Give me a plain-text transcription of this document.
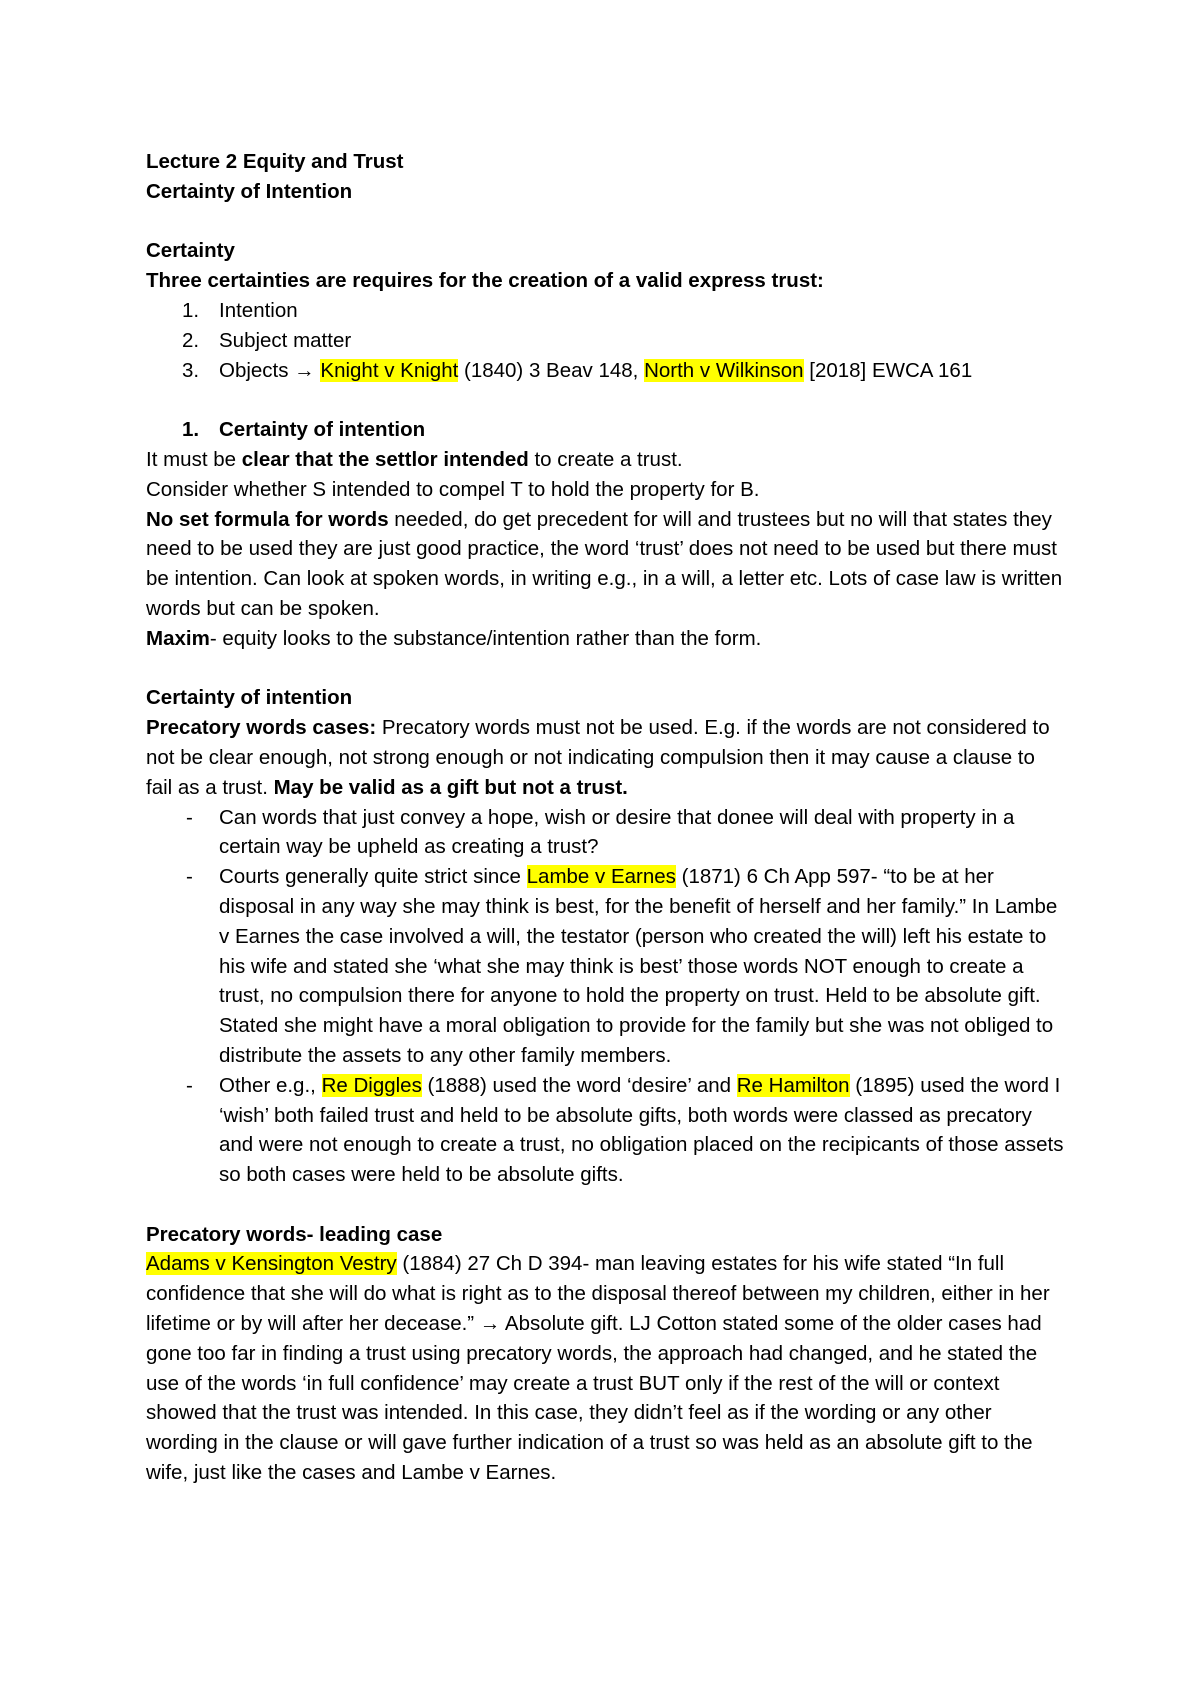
Lecture 2 Equity and Trust

Certainty of Intention

Certainty

Three certainties are requires for the creation of a valid express trust:

1. Intention

2. Subject matter

3. Objects → Knight v Knight (1840) 3 Beav 148, North v Wilkinson [2018] EWCA 161

1. Certainty of intention

It must be clear that the settlor intended to create a trust.

Consider whether S intended to compel T to hold the property for B.

No set formula for words needed, do get precedent for will and trustees but no will that states they need to be used they are just good practice, the word ‘trust’ does not need to be used but there must be intention. Can look at spoken words, in writing e.g., in a will, a letter etc. Lots of case law is written words but can be spoken.

Maxim- equity looks to the substance/intention rather than the form.

Certainty of intention

Precatory words cases: Precatory words must not be used. E.g. if the words are not considered to not be clear enough, not strong enough or not indicating compulsion then it may cause a clause to fail as a trust. May be valid as a gift but not a trust.

- Can words that just convey a hope, wish or desire that donee will deal with property in a certain way be upheld as creating a trust?

- Courts generally quite strict since Lambe v Earnes (1871) 6 Ch App 597- “to be at her disposal in any way she may think is best, for the benefit of herself and her family.” In Lambe v Earnes the case involved a will, the testator (person who created the will) left his estate to his wife and stated she ‘what she may think is best’ those words NOT enough to create a trust, no compulsion there for anyone to hold the property on trust. Held to be absolute gift. Stated she might have a moral obligation to provide for the family but she was not obliged to distribute the assets to any other family members.

- Other e.g., Re Diggles (1888) used the word ‘desire’ and Re Hamilton (1895) used the word I ‘wish’ both failed trust and held to be absolute gifts, both words were classed as precatory and were not enough to create a trust, no obligation placed on the recipicants of those assets so both cases were held to be absolute gifts.

Precatory words- leading case

Adams v Kensington Vestry (1884) 27 Ch D 394- man leaving estates for his wife stated “In full confidence that she will do what is right as to the disposal thereof between my children, either in her lifetime or by will after her decease.” → Absolute gift. LJ Cotton stated some of the older cases had gone too far in finding a trust using precatory words, the approach had changed, and he stated the use of the words ‘in full confidence’ may create a trust BUT only if the rest of the will or context showed that the trust was intended. In this case, they didn’t feel as if the wording or any other wording in the clause or will gave further indication of a trust so was held as an absolute gift to the wife, just like the cases and Lambe v Earnes.
